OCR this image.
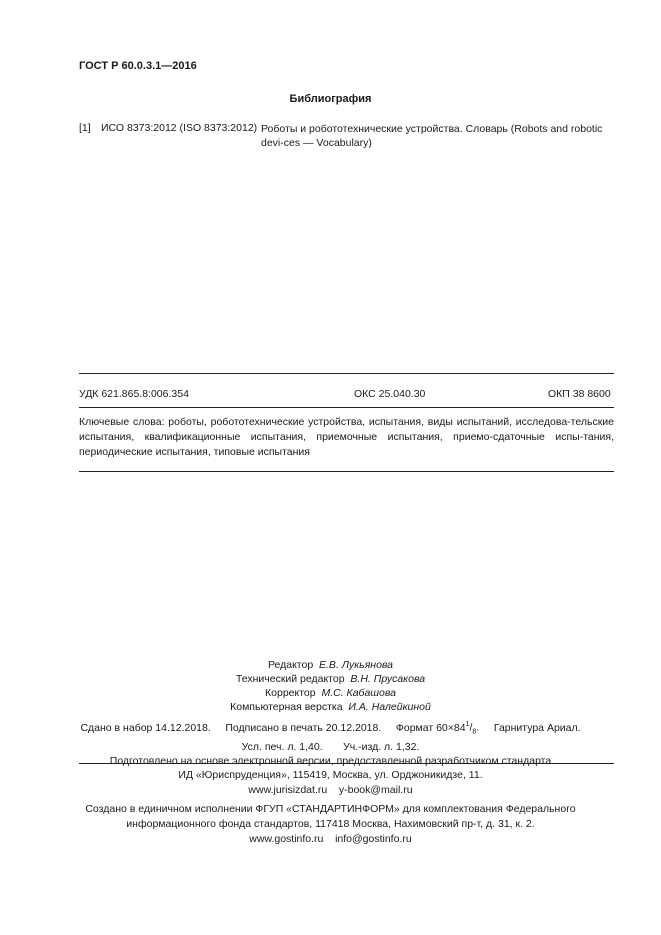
ГОСТ Р 60.0.3.1—2016
Библиография
[1] ИСО 8373:2012 (ISO 8373:2012) Роботы и робототехнические устройства. Словарь (Robots and robotic devi-ces — Vocabulary)
УДК 621.865.8:006.354	ОКС 25.040.30	ОКП 38 8600
Ключевые слова: роботы, робототехнические устройства, испытания, виды испытаний, исследова-тельские испытания, квалификационные испытания, приемочные испытания, приемо-сдаточные испы-тания, периодические испытания, типовые испытания
Редактор Е.В. Лукьянова
Технический редактор В.Н. Прусакова
Корректор М.С. Кабашова
Компьютерная верстка И.А. Налейкиной
Сдано в набор 14.12.2018. Подписано в печать 20.12.2018. Формат $60\times 84^1/_8$. Гарнитура Ариал.
Усл. печ. л. 1,40. Уч.-изд. л. 1,32.
Подготовлено на основе электронной версии, предоставленной разработчиком стандарта
ИД «Юриспруденция», 115419, Москва, ул. Орджоникидзе, 11.
www.jurisizdat.ru y-book@mail.ru
Создано в единичном исполнении ФГУП «СТАНДАРТИНФОРМ» для комплектования Федерального
информационного фонда стандартов, 117418 Москва, Нахимовский пр-т, д. 31, к. 2.
www.gostinfo.ru info@gostinfo.ru
